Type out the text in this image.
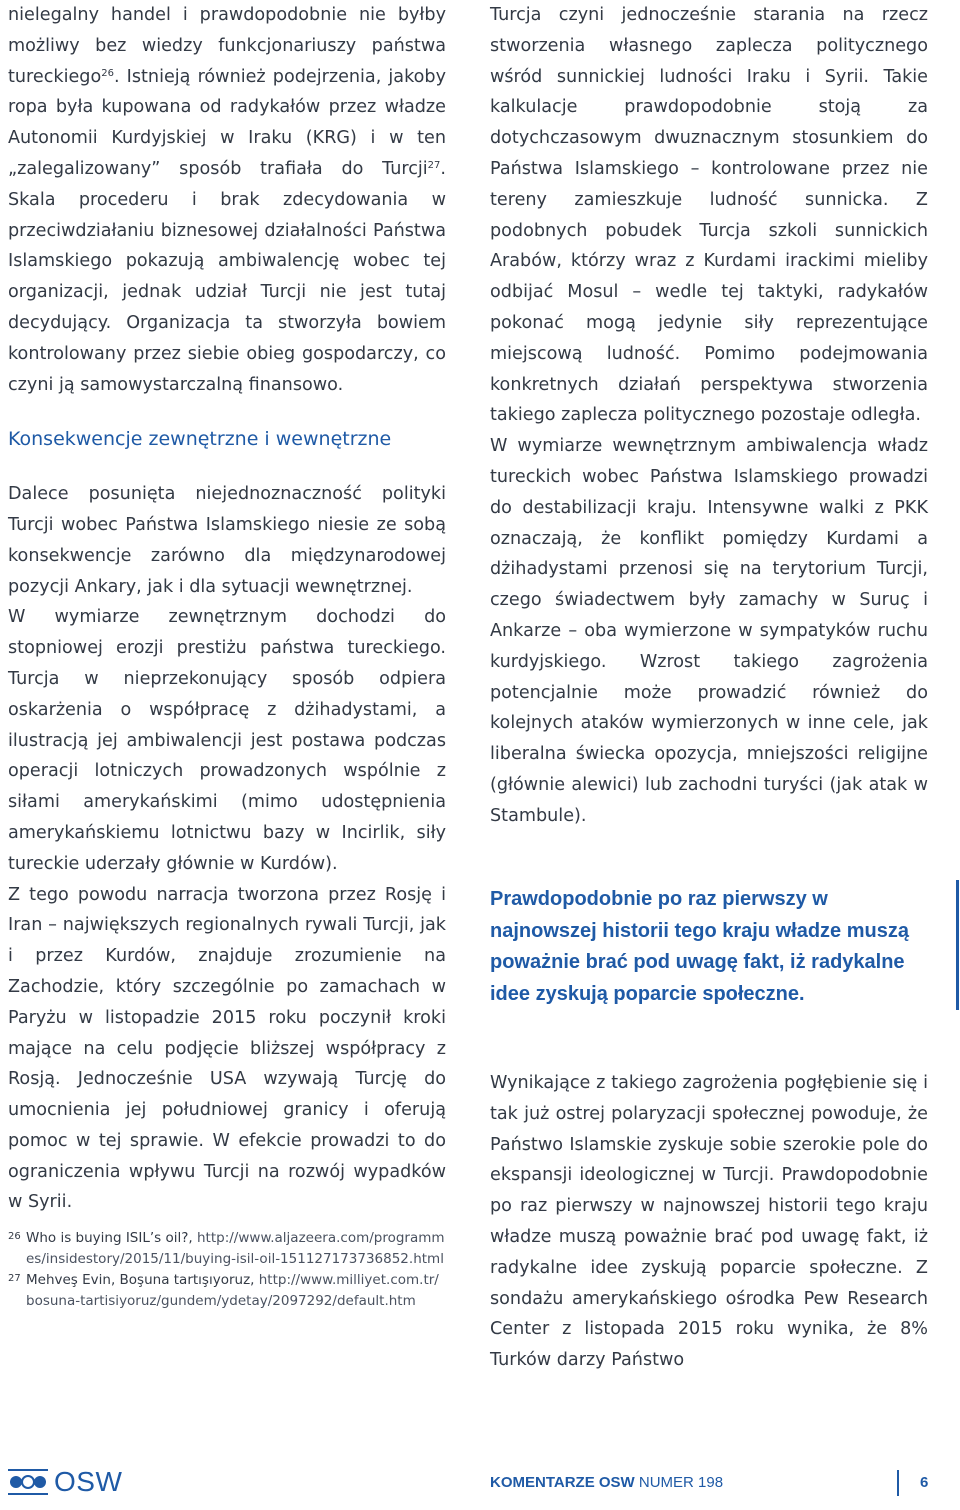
nielegalny handel i prawdopodobnie nie byłby możliwy bez wiedzy funkcjonariuszy państwa tureckiego$^{26}$. Istnieją również podejrzenia, jakoby ropa była kupowana od radykałów przez władze Autonomii Kurdyjskiej w Iraku (KRG) i w ten „zalegalizowany” sposób trafiała do Turcji$^{27}$. Skala procederu i brak zdecydowania w przeciwdziałaniu biznesowej działalności Państwa Islamskiego pokazują ambiwalencję wobec tej organizacji, jednak udział Turcji nie jest tutaj decydujący. Organizacja ta stworzyła bowiem kontrolowany przez siebie obieg gospodarczy, co czyni ją samowystarczalną finansowo.

Konsekwencje zewnętrzne i wewnętrzne

Dalece posunięta niejednoznaczność polityki Turcji wobec Państwa Islamskiego niesie ze sobą konsekwencje zarówno dla międzynarodowej pozycji Ankary, jak i dla sytuacji wewnętrznej.

W wymiarze zewnętrznym dochodzi do stopniowej erozji prestiżu państwa tureckiego. Turcja w nieprzekonujący sposób odpiera oskarżenia o współpracę z dżihadystami, a ilustracją jej ambiwalencji jest postawa podczas operacji lotniczych prowadzonych wspólnie z siłami amerykańskimi (mimo udostępnienia amerykańskiemu lotnictwu bazy w Incirlik, siły tureckie uderzały głównie w Kurdów).

Z tego powodu narracja tworzona przez Rosję i Iran – największych regionalnych rywali Turcji, jak i przez Kurdów, znajduje zrozumienie na Zachodzie, który szczególnie po zamachach w Paryżu w listopadzie 2015 roku poczynił kroki mające na celu podjęcie bliższej współpracy z Rosją. Jednocześnie USA wzywają Turcję do umocnienia jej południowej granicy i oferują pomoc w tej sprawie. W efekcie prowadzi to do ograniczenia wpływu Turcji na rozwój wypadków w Syrii.

26 Who is buying ISIL’s oil?, http://www.aljazeera.com/programmes/insidestory/2015/11/buying-isil-oil-151127173736852.html
27 Mehveş Evin, Boşuna tartışıyoruz, http://www.milliyet.com.tr/bosuna-tartisiyoruz/gundem/ydetay/2097292/default.htm

Turcja czyni jednocześnie starania na rzecz stworzenia własnego zaplecza politycznego wśród sunnickiej ludności Iraku i Syrii. Takie kalkulacje prawdopodobnie stoją za dotychczasowym dwuznacznym stosunkiem do Państwa Islamskiego – kontrolowane przez nie tereny zamieszkuje ludność sunnicka. Z podobnych pobudek Turcja szkoli sunnickich Arabów, którzy wraz z Kurdami irackimi mieliby odbijać Mosul – wedle tej taktyki, radykałów pokonać mogą jedynie siły reprezentujące miejscową ludność. Pomimo podejmowania konkretnych działań perspektywa stworzenia takiego zaplecza politycznego pozostaje odległa.

W wymiarze wewnętrznym ambiwalencja władz tureckich wobec Państwa Islamskiego prowadzi do destabilizacji kraju. Intensywne walki z PKK oznaczają, że konflikt pomiędzy Kurdami a dżihadystami przenosi się na terytorium Turcji, czego świadectwem były zamachy w Suruç i Ankarze – oba wymierzone w sympatyków ruchu kurdyjskiego. Wzrost takiego zagrożenia potencjalnie może prowadzić również do kolejnych ataków wymierzonych w inne cele, jak liberalna świecka opozycja, mniejszości religijne (głównie alewici) lub zachodni turyści (jak atak w Stambule).

Prawdopodobnie po raz pierwszy w najnowszej historii tego kraju władze muszą poważnie brać pod uwagę fakt, iż radykalne idee zyskują poparcie społeczne.
Wynikające z takiego zagrożenia pogłębienie się i tak już ostrej polaryzacji społecznej powoduje, że Państwo Islamskie zyskuje sobie szerokie pole do ekspansji ideologicznej w Turcji. Prawdopodobnie po raz pierwszy w najnowszej historii tego kraju władze muszą poważnie brać pod uwagę fakt, iż radykalne idee zyskują poparcie społeczne. Z sondażu amerykańskiego ośrodka Pew Research Center z listopada 2015 roku wynika, że 8% Turków darzy Państwo
OSW	KOMENTARZE OSW NUMER 198	6
